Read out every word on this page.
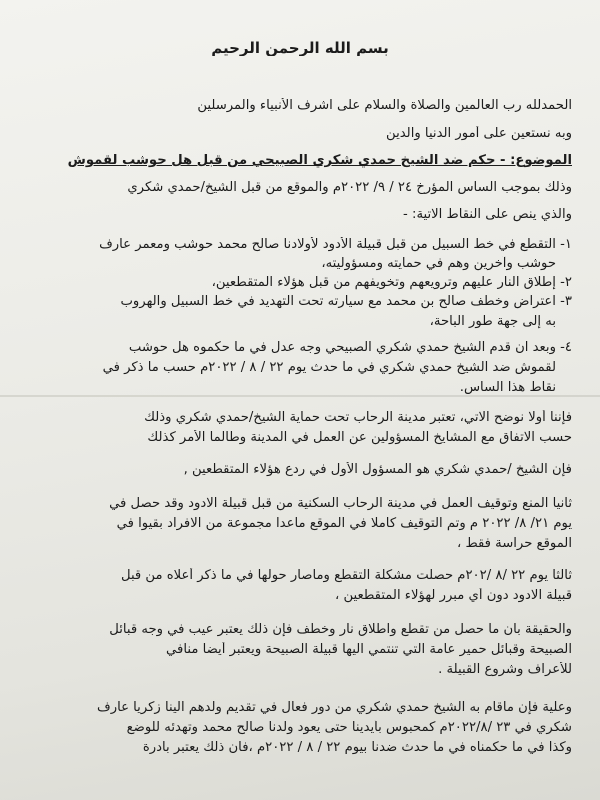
بسم الله الرحمن الرحيم
الحمدلله رب العالمين والصلاة والسلام على اشرف الأنبياء والمرسلين
وبه نستعين على أمور الدنيا والدين
الموضوع: - حكم ضد الشيخ حمدي شكري الصبيحي من قبل هل حوشب لقموش
وذلك بموجب الساس المؤرخ ٢٤ / ٩/ ٢٠٢٢م والموقع من قبل الشيخ/حمدي شكري
والذي ينص على النقاط الاتية: -
١- التقطع في خط السبيل من قبل قبيلة الأدود لأولادنا صالح محمد حوشب ومعمر عارف
حوشب وآخرين وهم في حمايته ومسؤوليته،
٢- إطلاق النار عليهم وترويعهم وتخويفهم من قبل هؤلاء المتقطعين،
٣- اعتراض وخطف صالح بن محمد مع سيارته تحت التهديد في خط السبيل والهروب
به إلى جهة طور الباحة،
٤- وبعد ان قدم الشيخ حمدي شكري الصبيحي وجه عدل في ما حكموه هل حوشب
لقموش ضد الشيخ حمدي شكري في ما حدث يوم ٢٢ / ٨ / ٢٠٢٢م حسب ما ذكر في
نقاط هذا الساس.
فإننا أولا نوضح الاتي، تعتبر مدينة الرحاب تحت حماية الشيخ/حمدي شكري وذلك
حسب الاتفاق مع المشايخ المسؤولين عن العمل في المدينة وطالما الأمر كذلك
فإن الشيخ /حمدي شكري هو المسؤول الأول في ردع هؤلاء المتقطعين ,
ثانيا المنع وتوقيف العمل في مدينة الرحاب السكنية من قبل قبيلة الادود وقد حصل في
يوم ٢١/ ٨/ ٢٠٢٢ م وتم التوقيف كاملا في الموقع ماعدا مجموعة من الافراد بقيوا في
الموقع حراسة فقط ،
ثالثا يوم ٢٢ /٨ /٢٠٢م حصلت مشكلة التقطع وماصار حولها في ما ذكر أعلاه من قبل
قبيلة الادود دون أي مبرر لهؤلاء المتقطعين ،
والحقيقة بان ما حصل من تقطع واطلاق نار وخطف فإن ذلك يعتبر عيب في وجه قبائل
الصبيحة وقبائل حمير عامة التي تنتمي اليها قبيلة الصبيحة ويعتبر أيضا منافي
للأعراف وشروع القبيلة .
وعلية فإن ماقام به الشيخ حمدي شكري من دور فعال في تقديم ولدهم الينا زكريا عارف
شكري في ٢٣ /٢٠٢٢/٨م كمحبوس بأيدينا حتى يعود ولدنا صالح محمد وتهدئه للوضع
وكذا في ما حكمناه في ما حدث ضدنا بيوم ٢٢ / ٨ / ٢٠٢٢م ،فان ذلك يعتبر بادرة
